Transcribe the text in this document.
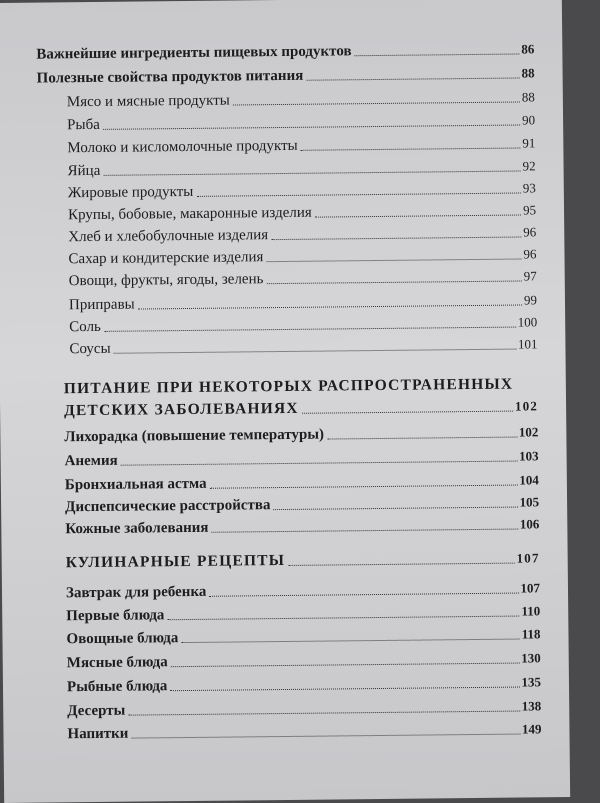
Важнейшие ингредиенты пищевых продуктов	86
Полезные свойства продуктов питания	88
Мясо и мясные продукты	88
Рыба	90
Молоко и кисломолочные продукты	91
Яйца	92
Жировые продукты	93
Крупы, бобовые, макаронные изделия	95
Хлеб и хлебобулочные изделия	96
Сахар и кондитерские изделия	96
Овощи, фрукты, ягоды, зелень	97
Приправы	99
Соль	100
Соусы	101
ПИТАНИЕ ПРИ НЕКОТОРЫХ РАСПРОСТРАНЕННЫХ
ДЕТСКИХ ЗАБОЛЕВАНИЯХ	102
Лихорадка (повышение температуры)	102
Анемия	103
Бронхиальная астма	104
Диспепсические расстройства	105
Кожные заболевания	106
КУЛИНАРНЫЕ РЕЦЕПТЫ	107
Завтрак для ребенка	107
Первые блюда	110
Овощные блюда	118
Мясные блюда	130
Рыбные блюда	135
Десерты	138
Напитки	149
